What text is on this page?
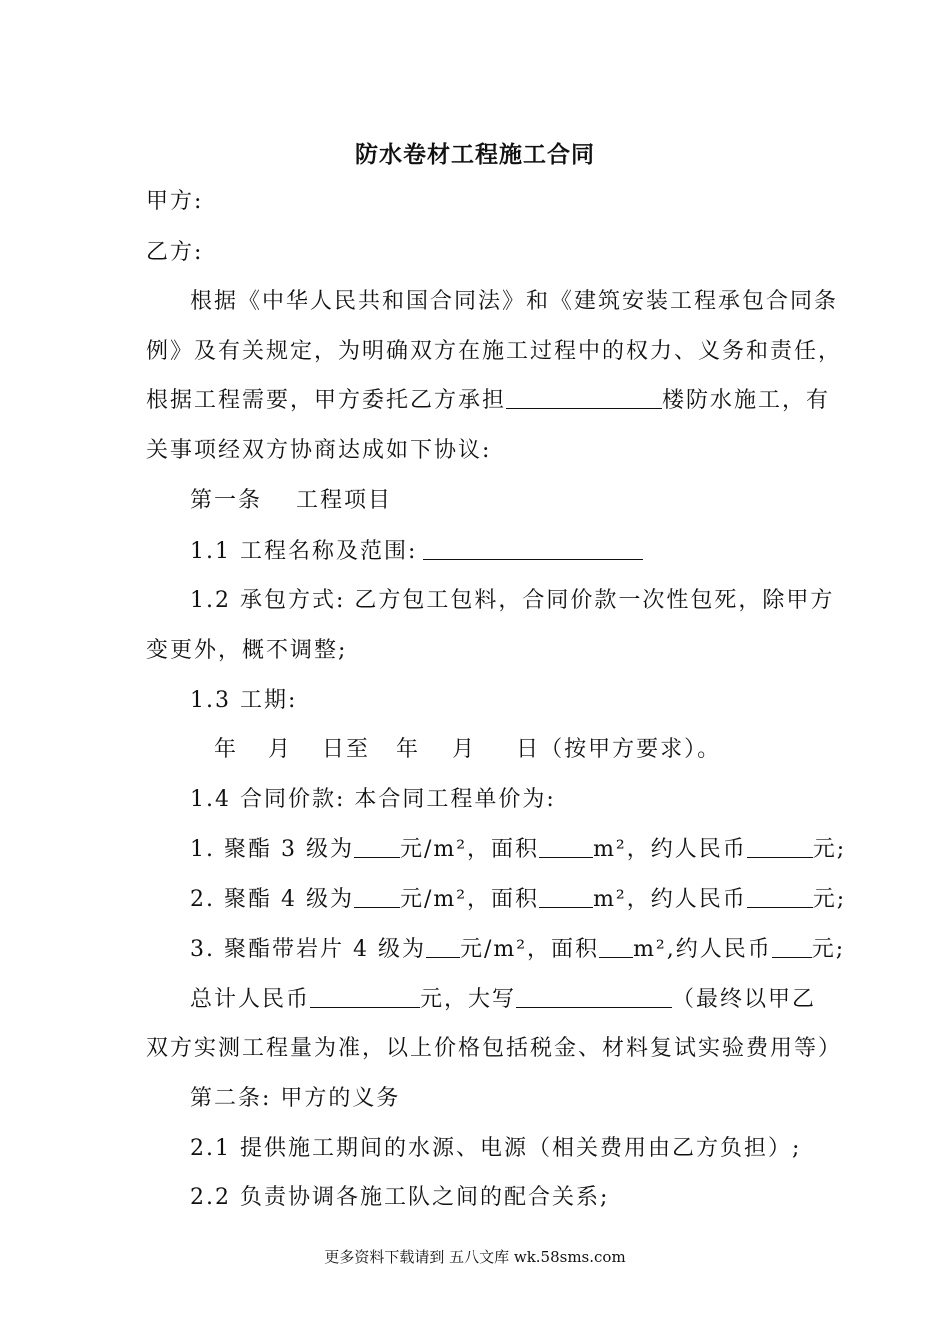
防水卷材工程施工合同
甲方:
乙方:
根据《中华人民共和国合同法》和《建筑安装工程承包合同条
例》及有关规定，为明确双方在施工过程中的权力、义务和责任，
根据工程需要，甲方委托乙方承担	楼防水施工，有
关事项经双方协商达成如下协议:
第一条 工程项目
1.1 工程名称及范围:
1.2 承包方式: 乙方包工包料，合同价款一次性包死，除甲方
变更外，概不调整;
1.3 工期:
年 月 日至 年 月 日（按甲方要求）。
1.4 合同价款: 本合同工程单价为:
1. 聚酯 3 级为 元/m²，面积 m²，约人民币	元;
2. 聚酯 4 级为 元/m²，面积 m²，约人民币	元;
3. 聚酯带岩片 4 级为 元/m²，面积 m²,约人民币 元;
总计人民币	元，大写	（最终以甲乙
双方实测工程量为准，以上价格包括税金、材料复试实验费用等）
第二条: 甲方的义务
2.1 提供施工期间的水源、电源（相关费用由乙方负担）;
2.2 负责协调各施工队之间的配合关系;
更多资料下载请到 五八文库 wk.58sms.com
